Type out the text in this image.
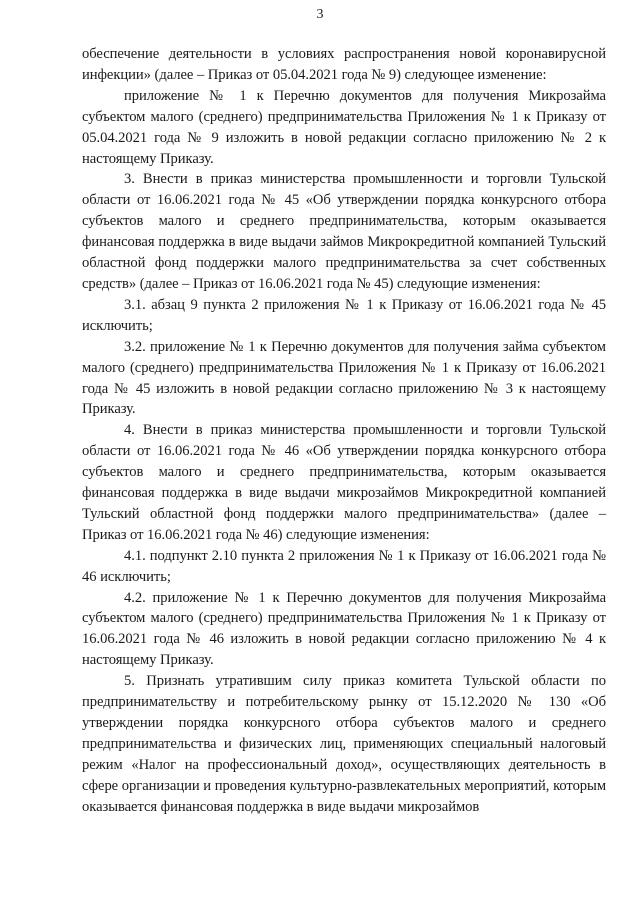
3

обеспечение деятельности в условиях распространения новой коронавирусной инфекции» (далее – Приказ от 05.04.2021 года № 9) следующее изменение:

приложение № 1 к Перечню документов для получения Микрозайма субъектом малого (среднего) предпринимательства Приложения № 1 к Приказу от 05.04.2021 года № 9 изложить в новой редакции согласно приложению № 2 к настоящему Приказу.

3. Внести в приказ министерства промышленности и торговли Тульской области от 16.06.2021 года № 45 «Об утверждении порядка конкурсного отбора субъектов малого и среднего предпринимательства, которым оказывается финансовая поддержка в виде выдачи займов Микрокредитной компанией Тульский областной фонд поддержки малого предпринимательства за счет собственных средств» (далее – Приказ от 16.06.2021 года № 45) следующие изменения:

3.1. абзац 9 пункта 2 приложения № 1 к Приказу от 16.06.2021 года № 45 исключить;

3.2. приложение № 1 к Перечню документов для получения займа субъектом малого (среднего) предпринимательства Приложения № 1 к Приказу от 16.06.2021 года № 45 изложить в новой редакции согласно приложению № 3 к настоящему Приказу.

4. Внести в приказ министерства промышленности и торговли Тульской области от 16.06.2021 года № 46 «Об утверждении порядка конкурсного отбора субъектов малого и среднего предпринимательства, которым оказывается финансовая поддержка в виде выдачи микрозаймов Микрокредитной компанией Тульский областной фонд поддержки малого предпринимательства» (далее – Приказ от 16.06.2021 года № 46) следующие изменения:

4.1. подпункт 2.10 пункта 2 приложения № 1 к Приказу от 16.06.2021 года № 46 исключить;

4.2. приложение № 1 к Перечню документов для получения Микрозайма субъектом малого (среднего) предпринимательства Приложения № 1 к Приказу от 16.06.2021 года № 46 изложить в новой редакции согласно приложению № 4 к настоящему Приказу.

5. Признать утратившим силу приказ комитета Тульской области по предпринимательству и потребительскому рынку от 15.12.2020 № 130 «Об утверждении порядка конкурсного отбора субъектов малого и среднего предпринимательства и физических лиц, применяющих специальный налоговый режим «Налог на профессиональный доход», осуществляющих деятельность в сфере организации и проведения культурно-развлекательных мероприятий, которым оказывается финансовая поддержка в виде выдачи микрозаймов
